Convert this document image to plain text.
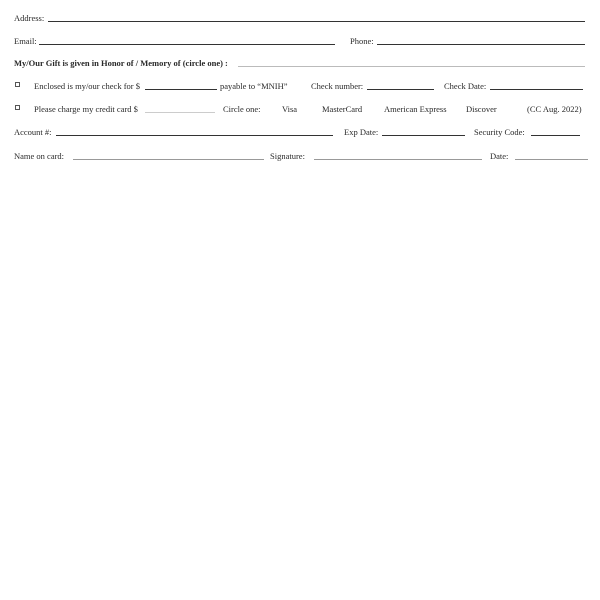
Address:
Email:	Phone:
My/Our Gift is given in Honor of / Memory of (circle one) :
Enclosed is my/our check for $	payable to “MNIH”	Check number:	Check Date:
Please charge my credit card $	Circle one:	Visa	MasterCard	American Express Discover	(CC Aug. 2022)
Account #:	Exp Date:	Security Code:
Name on card:	Signature:	Date:
